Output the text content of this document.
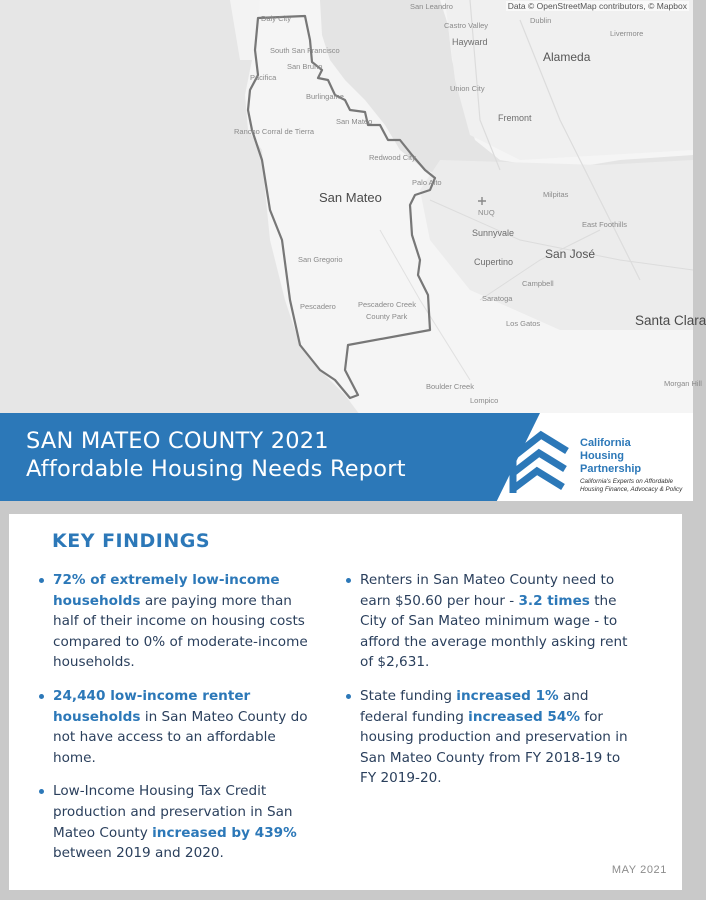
Data © OpenStreetMap contributors, © Mapbox
San Leandro
Dublin
Castro Valley
Hayward
Livermore
Alameda
Daly City
South San Francisco
San Bruno
Pacifica
Burlingame
Union City
Fremont
Rancho Corral de Tierra
San Mateo
Redwood City
Palo Alto
Milpitas
San Mateo
NUQ
East Foothills
Sunnyvale
San José
San Gregorio	Cupertino
Campbell
Saratoga
Pescadero	Pescadero Creek
County Park
Los Gatos	Santa Clara
Boulder Creek
Lompico
Morgan Hill
SAN MATEO COUNTY 2021
Affordable Housing Needs Report
California
Housing
Partnership
California's Experts on Affordable
Housing Finance, Advocacy & Policy
KEY FINDINGS
72% of extremely low-income households are paying more than half of their income on housing costs compared to 0% of moderate-income households.
24,440 low-income renter households in San Mateo County do not have access to an affordable home.
Low-Income Housing Tax Credit production and preservation in San Mateo County increased by 439% between 2019 and 2020.
Renters in San Mateo County need to earn $50.60 per hour - 3.2 times the City of San Mateo minimum wage - to afford the average monthly asking rent of $2,631.
State funding increased 1% and federal funding increased 54% for housing production and preservation in San Mateo County from FY 2018-19 to FY 2019-20.
MAY 2021
